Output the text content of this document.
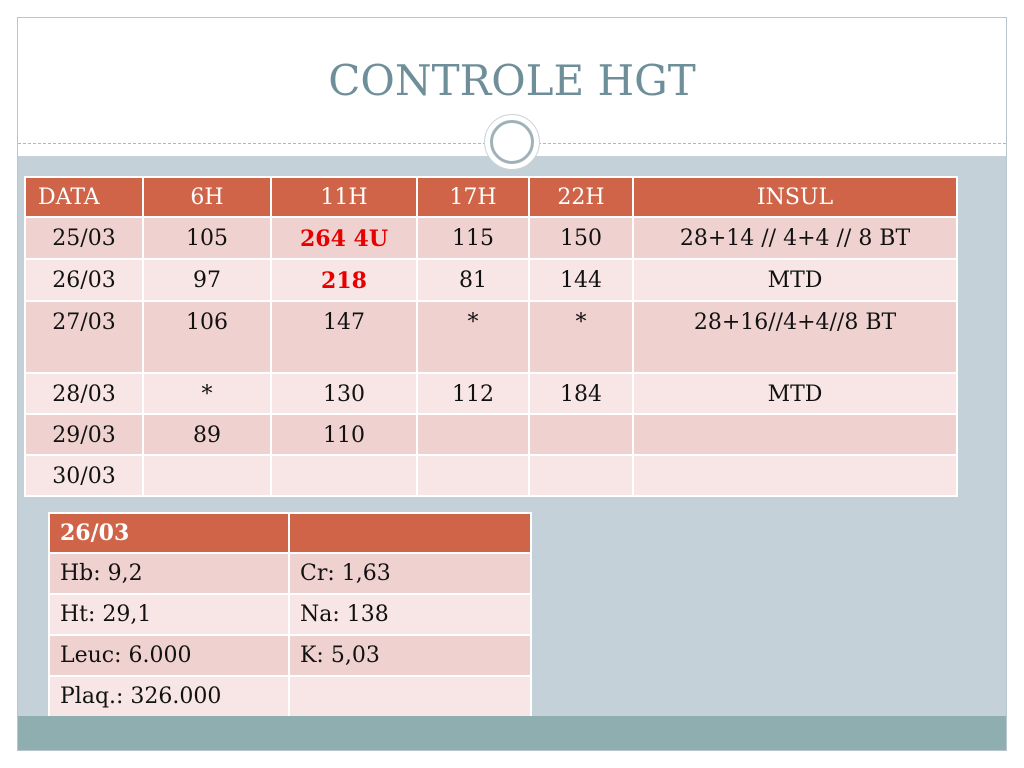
CONTROLE HGT
DATA	6H	11H	17H	22H	INSUL
25/03	105	264 4U	115	150	28+14 // 4+4 // 8 BT
26/03	97	218	81	144	MTD
27/03	106	147	*	*	28+16//4+4//8 BT
28/03	*	130	112	184	MTD
29/03	89	110			
30/03					
26/03	
Hb: 9,2	Cr: 1,63
Ht: 29,1	Na: 138
Leuc: 6.000	K: 5,03
Plaq.: 326.000	
